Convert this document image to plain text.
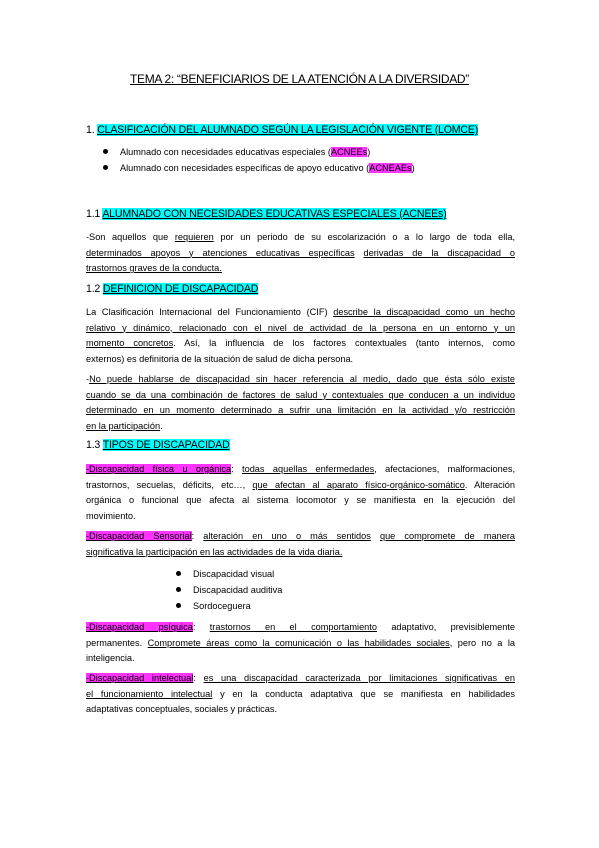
TEMA 2: “BENEFICIARIOS DE LA ATENCIÓN A LA DIVERSIDAD”
1. CLASIFICACIÓN DEL ALUMNADO SEGÚN LA LEGISLACIÓN VIGENTE (LOMCE)
Alumnado con necesidades educativas especiales (ACNEEs)
Alumnado con necesidades específicas de apoyo educativo (ACNEAEs)
1.1 ALUMNADO CON NECESIDADES EDUCATIVAS ESPECIALES (ACNEEs)
-Son aquellos que requieren por un periodo de su escolarización o a lo largo de toda ella,
determinados apoyos y atenciones educativas específicas derivadas de la discapacidad o
trastornos graves de la conducta.
1.2 DEFINICION DE DISCAPACIDAD
La Clasificación Internacional del Funcionamiento (CIF) describe la discapacidad como un hecho
relativo y dinámico, relacionado con el nivel de actividad de la persona en un entorno y un
momento concretos. Así, la influencia de los factores contextuales (tanto internos, como
externos) es definitoria de la situación de salud de dicha persona.
-No puede hablarse de discapacidad sin hacer referencia al medio, dado que ésta sólo existe
cuando se da una combinación de factores de salud y contextuales que conducen a un individuo
determinado en un momento determinado a sufrir una limitación en la actividad y/o restricción
en la participación.
1.3 TIPOS DE DISCAPACIDAD
-Discapacidad física u orgánica: todas aquellas enfermedades, afectaciones, malformaciones,
trastornos, secuelas, déficits, etc…, que afectan al aparato físico-orgánico-somático. Alteración
orgánica o funcional que afecta al sistema locomotor y se manifiesta en la ejecución del
movimiento.
-Discapacidad Sensorial: alteración en uno o más sentidos que compromete de manera
significativa la participación en las actividades de la vida diaria.
Discapacidad visual
Discapacidad auditiva
Sordoceguera
-Discapacidad psíquica: trastornos en el comportamiento adaptativo, previsiblemente
permanentes. Compromete áreas como la comunicación o las habilidades sociales, pero no a la
inteligencia.
-Discapacidad intelectual: es una discapacidad caracterizada por limitaciones significativas en
el funcionamiento intelectual y en la conducta adaptativa que se manifiesta en habilidades
adaptativas conceptuales, sociales y prácticas.
